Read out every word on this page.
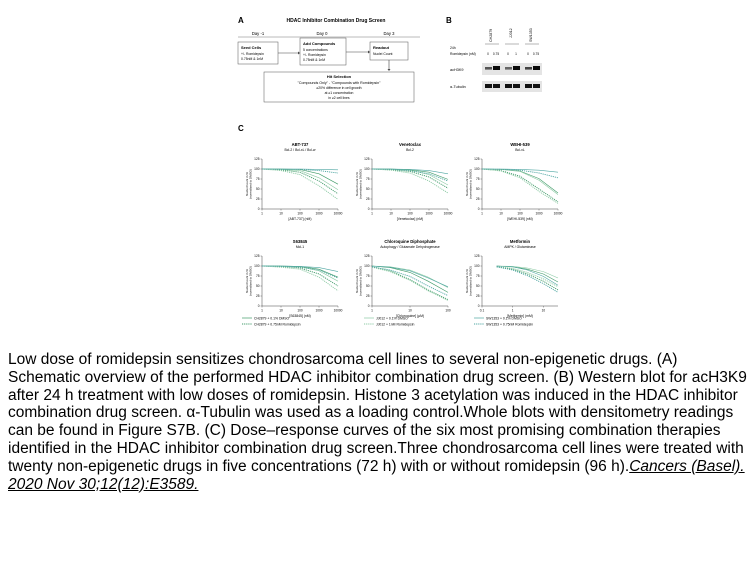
A	HDAC Inhibitor Combination Drug Screen
Day -1	Day 0	Day 3
Seed Cells
+/- Romidepsin
0.75nM & 1nM
Add Compounds
5 concentrations
+/- Romidepsin
0.75nM & 1nM
Readout
Nuclei Count
Hit Selection
"Compounds Only" - "Compounds with Romidepsin"
≥20% difference in cell growth
at ≥1 concentration
in ≥2 cell lines
B
CH2879	JJ012	SW1353
24h
Romidepsin (nM)	0 0.75	0 1	0 0.75
acH3K9
α-Tubulin
C
ABT-737
Bcl-2 / Bcl-xL / Bcl-w
0
25
50
75
100
125
1	10	100	1000	10000
[ABT-737] (nM)
Nuclei Count in %(normalized to DMSO)
Venetoclax
Bcl-2
0
25
50
75
100
125
1	10	100	1000	10000
[Venetoclax] (nM)
Nuclei Count in %(normalized to DMSO)
WEHI-539
Bcl-xL
0
25
50
75
100
125
1	10	100	1000	10000
[WEHI-539] (nM)
Nuclei Count in %(normalized to DMSO)
S63845
Mcl-1
0
25
50
75
100
125
1	10	100	1000	10000
[S63845] (nM)
Nuclei Count in %(normalized to DMSO)
Chloroquine Diphosphate
Autophagy / Glutamate Dehydrogenase
0
25
50
75
100
125
1	10	100
[Chloroquine] (µM)
Nuclei Count in %(normalized to DMSO)
Metformin
AMPK / Glutaminase
0
25
50
75
100
125
0.1	1	10
[Metformin] (mM)
Nuclei Count in %(normalized to DMSO)
CH2879 + 0.1% DMSO
CH2879 + 0.75nM Romidepsin
JJ012 + 0.1% DMSO
JJ012 + 1nM Romidepsin
SW1353 + 0.1% DMSO
SW1353 + 0.75nM Romidepsin
Low dose of romidepsin sensitizes chondrosarcoma cell lines to several non-epigenetic drugs. (A) Schematic overview of the performed HDAC inhibitor combination drug screen. (B) Western blot for acH3K9 after 24 h treatment with low doses of romidepsin. Histone 3 acetylation was induced in the HDAC inhibitor combination drug screen. α-Tubulin was used as a loading control.Whole blots with densitometry readings can be found in Figure S7B. (C) Dose–response curves of the six most promising combination therapies identified in the HDAC inhibitor combination drug screen.Three chondrosarcoma cell lines were treated with twenty non-epigenetic drugs in five concentrations (72 h) with or without romidepsin (96 h).Cancers (Basel). 2020 Nov 30;12(12):E3589.
